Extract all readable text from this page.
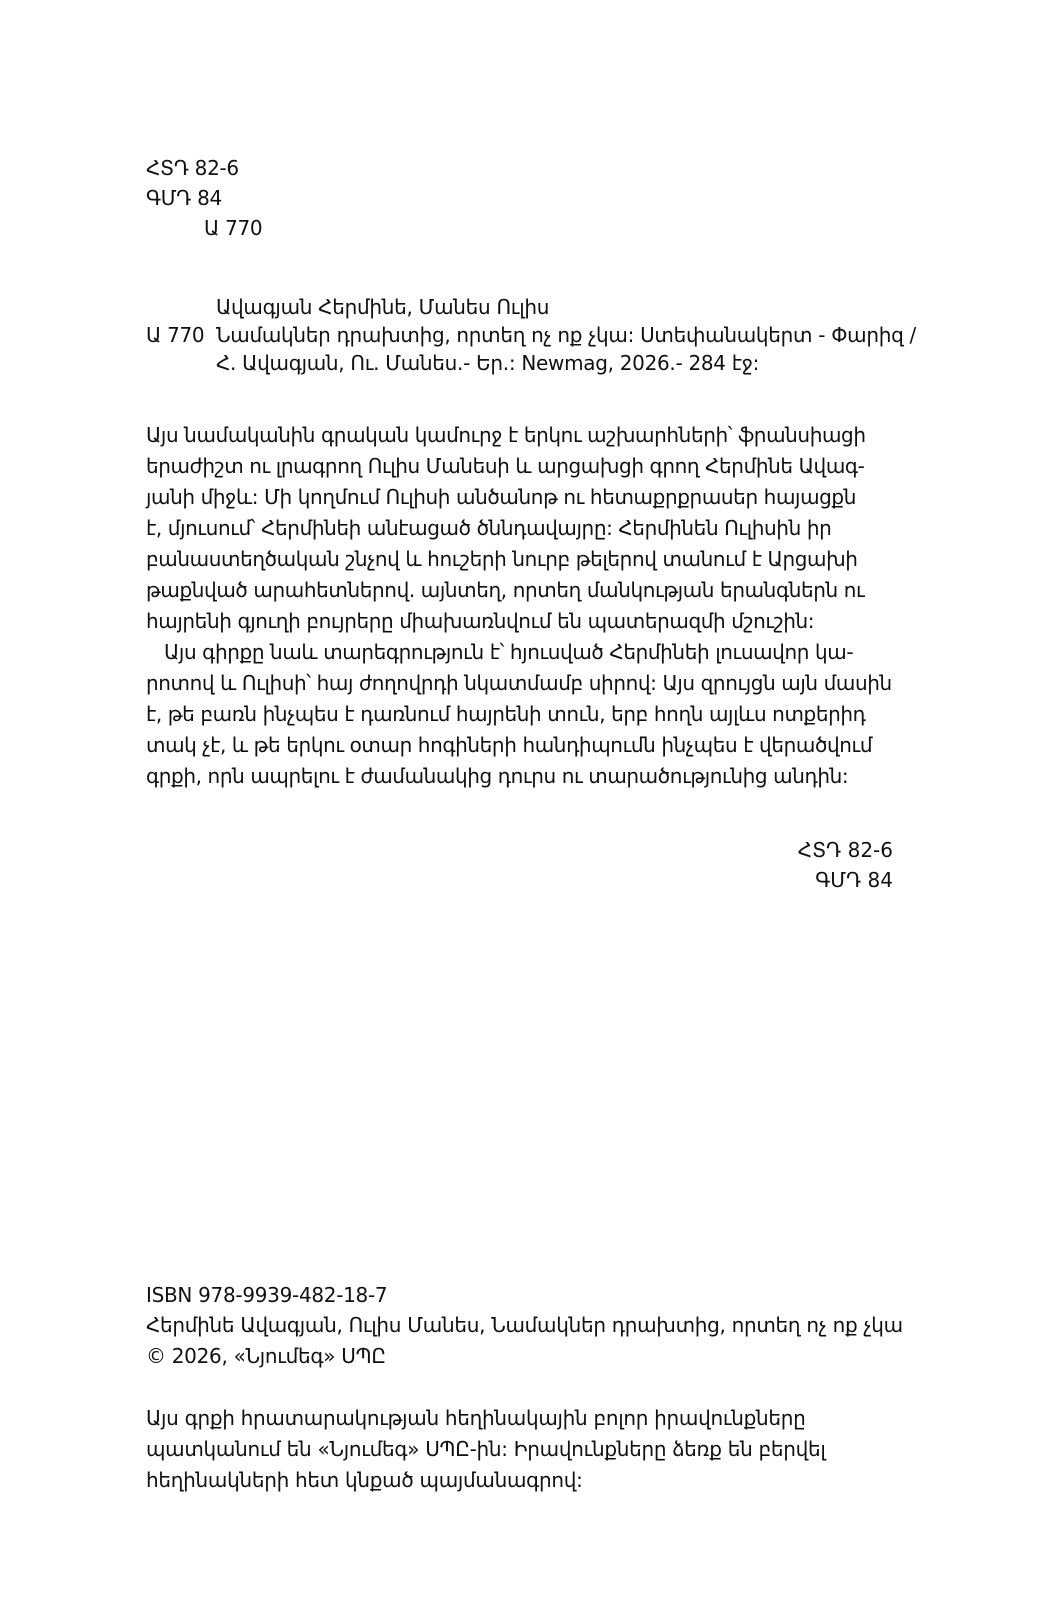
ՀՏԴ 82-6
ԳՄԴ 84
Ա 770
Ավագյան Հերմինե, Մանես Ուլիս
Ա 770 Նամակներ դրախտից, որտեղ ոչ ոք չկա: Ստեփանակերտ - Փարիզ /
Հ. Ավագյան, Ու. Մանես.- Եր.: Newmag, 2026.- 284 էջ:
Այս նամականին գրական կամուրջ է երկու աշխարհների՝ ֆրանսիացի
երաժիշտ ու լրագրող Ուլիս Մանեսի և արցախցի գրող Հերմինե Ավագ-
յանի միջև: Մի կողմում Ուլիսի անծանոթ ու հետաքրքրասեր հայացքն
է, մյուսում՝ Հերմինեի անէացած ծննդավայրը: Հերմինեն Ուլիսին իր
բանաստեղծական շնչով և հուշերի նուրբ թելերով տանում է Արցախի
թաքնված արահետներով. այնտեղ, որտեղ մանկության երանգներն ու
հայրենի գյուղի բույրերը միախառնվում են պատերազմի մշուշին:
Այս գիրքը նաև տարեգրություն է՝ հյուսված Հերմինեի լուսավոր կա-
րոտով և Ուլիսի՝ հայ ժողովրդի նկատմամբ սիրով: Այս զրույցն այն մասին
է, թե բառն ինչպես է դառնում հայրենի տուն, երբ հողն այլևս ոտքերիդ
տակ չէ, և թե երկու օտար հոգիների հանդիպումն ինչպես է վերածվում
գրքի, որն ապրելու է ժամանակից դուրս ու տարածությունից անդին:
ՀՏԴ 82-6
ԳՄԴ 84
ISBN 978-9939-482-18-7
Հերմինե Ավագյան, Ուլիս Մանես, Նամակներ դրախտից, որտեղ ոչ ոք չկա
© 2026, «Նյումեգ» ՍՊԸ
Այս գրքի հրատարակության հեղինակային բոլոր իրավունքները
պատկանում են «Նյումեգ» ՍՊԸ-ին: Իրավունքները ձեռք են բերվել
հեղինակների հետ կնքած պայմանագրով:
